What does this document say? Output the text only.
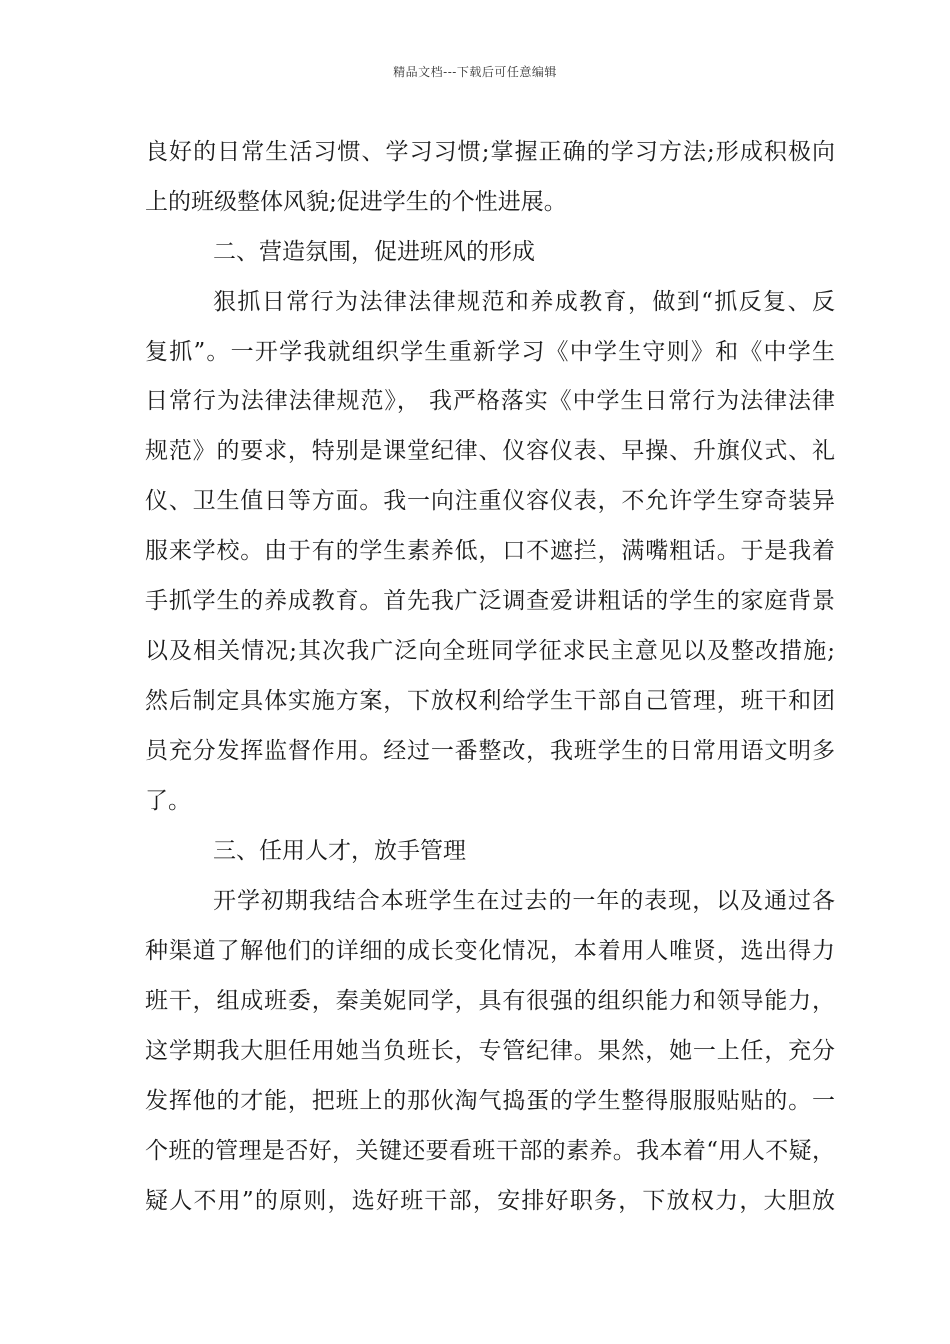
精品文档---下载后可任意编辑
良好的日常生活习惯、学习习惯;掌握正确的学习方法;形成积极向
上的班级整体风貌;促进学生的个性进展。
二、营造氛围，促进班风的形成
狠抓日常行为法律法律规范和养成教育，做到“抓反复、反
复抓”。一开学我就组织学生重新学习《中学生守则》和《中学生
日常行为法律法律规范》， 我严格落实《中学生日常行为法律法律
规范》的要求，特别是课堂纪律、仪容仪表、早操、升旗仪式、礼
仪、卫生值日等方面。我一向注重仪容仪表，不允许学生穿奇装异
服来学校。由于有的学生素养低，口不遮拦，满嘴粗话。于是我着
手抓学生的养成教育。首先我广泛调查爱讲粗话的学生的家庭背景
以及相关情况;其次我广泛向全班同学征求民主意见以及整改措施;
然后制定具体实施方案，下放权利给学生干部自己管理，班干和团
员充分发挥监督作用。经过一番整改，我班学生的日常用语文明多
了。
三、任用人才，放手管理
开学初期我结合本班学生在过去的一年的表现，以及通过各
种渠道了解他们的详细的成长变化情况，本着用人唯贤，选出得力
班干，组成班委，秦美妮同学，具有很强的组织能力和领导能力，
这学期我大胆任用她当负班长，专管纪律。果然，她一上任，充分
发挥他的才能，把班上的那伙淘气捣蛋的学生整得服服贴贴的。一
个班的管理是否好，关键还要看班干部的素养。我本着“用人不疑，
疑人不用”的原则，选好班干部，安排好职务，下放权力，大胆放
